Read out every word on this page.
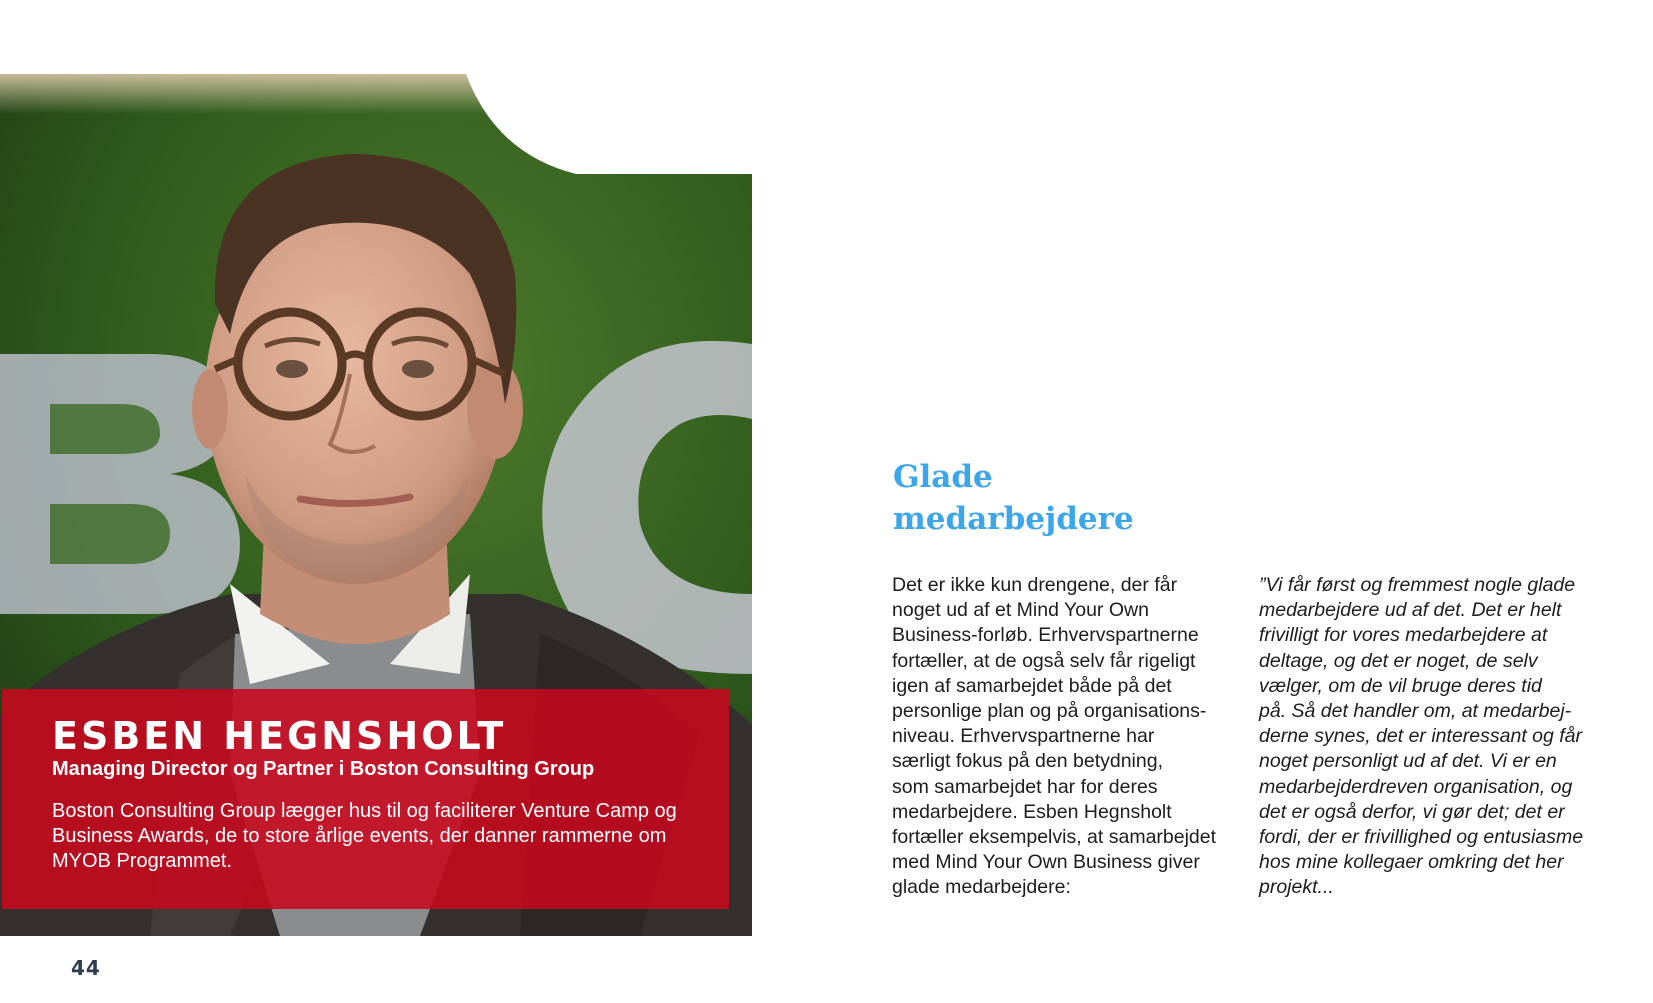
ESBEN HEGNSHOLT

Managing Director og Partner i Boston Consulting Group

Boston Consulting Group lægger hus til og faciliterer Venture Camp og Business Awards, de to store årlige events, der danner rammerne om MYOB Programmet.

44
Glade
medarbejdere

Det er ikke kun drengene, der får
noget ud af et Mind Your Own
Business-forløb. Erhvervspartnerne
fortæller, at de også selv får rigeligt
igen af samarbejdet både på det
personlige plan og på organisations-
niveau. Erhvervspartnerne har
særligt fokus på den betydning,
som samarbejdet har for deres
medarbejdere. Esben Hegnsholt
fortæller eksempelvis, at samarbejdet
med Mind Your Own Business giver
glade medarbejdere:

”Vi får først og fremmest nogle glade
medarbejdere ud af det. Det er helt
frivilligt for vores medarbejdere at
deltage, og det er noget, de selv
vælger, om de vil bruge deres tid
på. Så det handler om, at medarbej-
derne synes, det er interessant og får
noget personligt ud af det. Vi er en
medarbejderdreven organisation, og
det er også derfor, vi gør det; det er
fordi, der er frivillighed og entusiasme
hos mine kollegaer omkring det her
projekt...
